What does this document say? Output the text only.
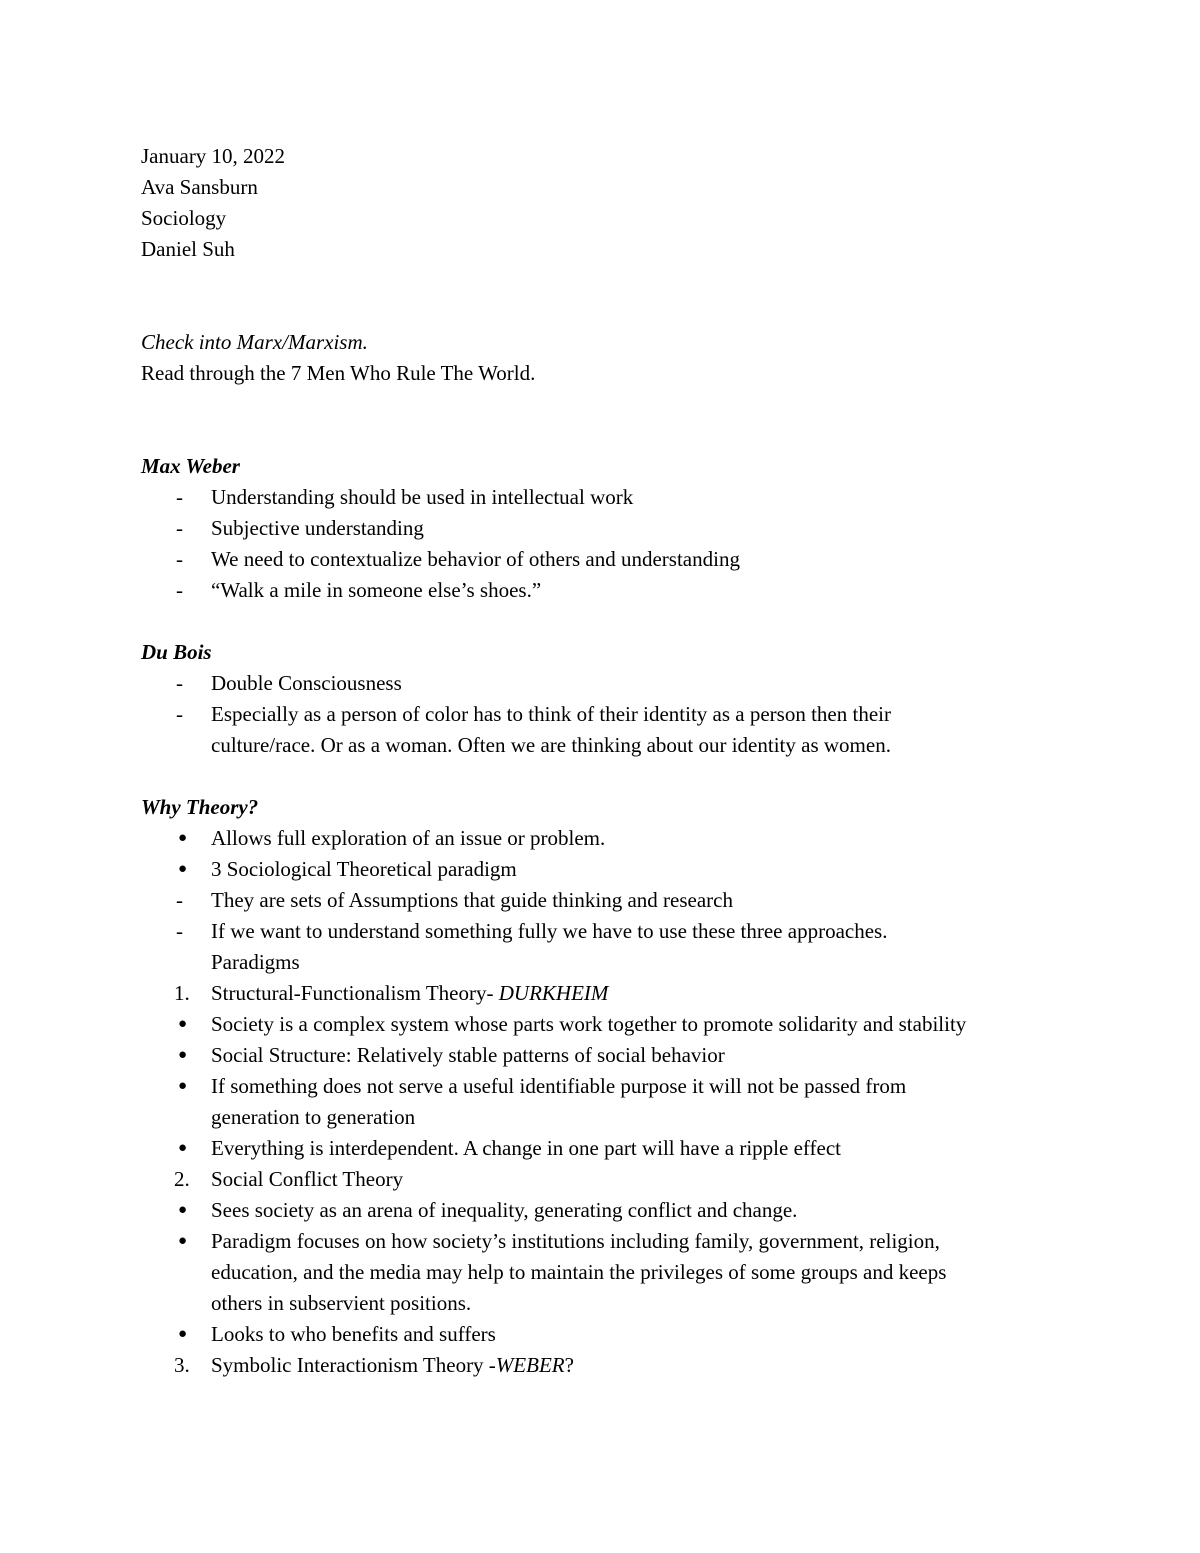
January 10, 2022
Ava Sansburn
Sociology
Daniel Suh
Check into Marx/Marxism.
Read through the 7 Men Who Rule The World.
Max Weber
-	Understanding should be used in intellectual work
-	Subjective understanding
-	We need to contextualize behavior of others and understanding
-	“Walk a mile in someone else’s shoes.”
Du Bois
-	Double Consciousness
-	Especially as a person of color has to think of their identity as a person then their
culture/race. Or as a woman. Often we are thinking about our identity as women.
Why Theory?
●	Allows full exploration of an issue or problem.
●	3 Sociological Theoretical paradigm
-	They are sets of Assumptions that guide thinking and research
-	If we want to understand something fully we have to use these three approaches.
Paradigms
1.	Structural-Functionalism Theory- DURKHEIM
●	Society is a complex system whose parts work together to promote solidarity and stability
●	Social Structure: Relatively stable patterns of social behavior
●	If something does not serve a useful identifiable purpose it will not be passed from
generation to generation
●	Everything is interdependent. A change in one part will have a ripple effect
2.	Social Conflict Theory
●	Sees society as an arena of inequality, generating conflict and change.
●	Paradigm focuses on how society’s institutions including family, government, religion,
education, and the media may help to maintain the privileges of some groups and keeps
others in subservient positions.
●	Looks to who benefits and suffers
3.	Symbolic Interactionism Theory -WEBER?
